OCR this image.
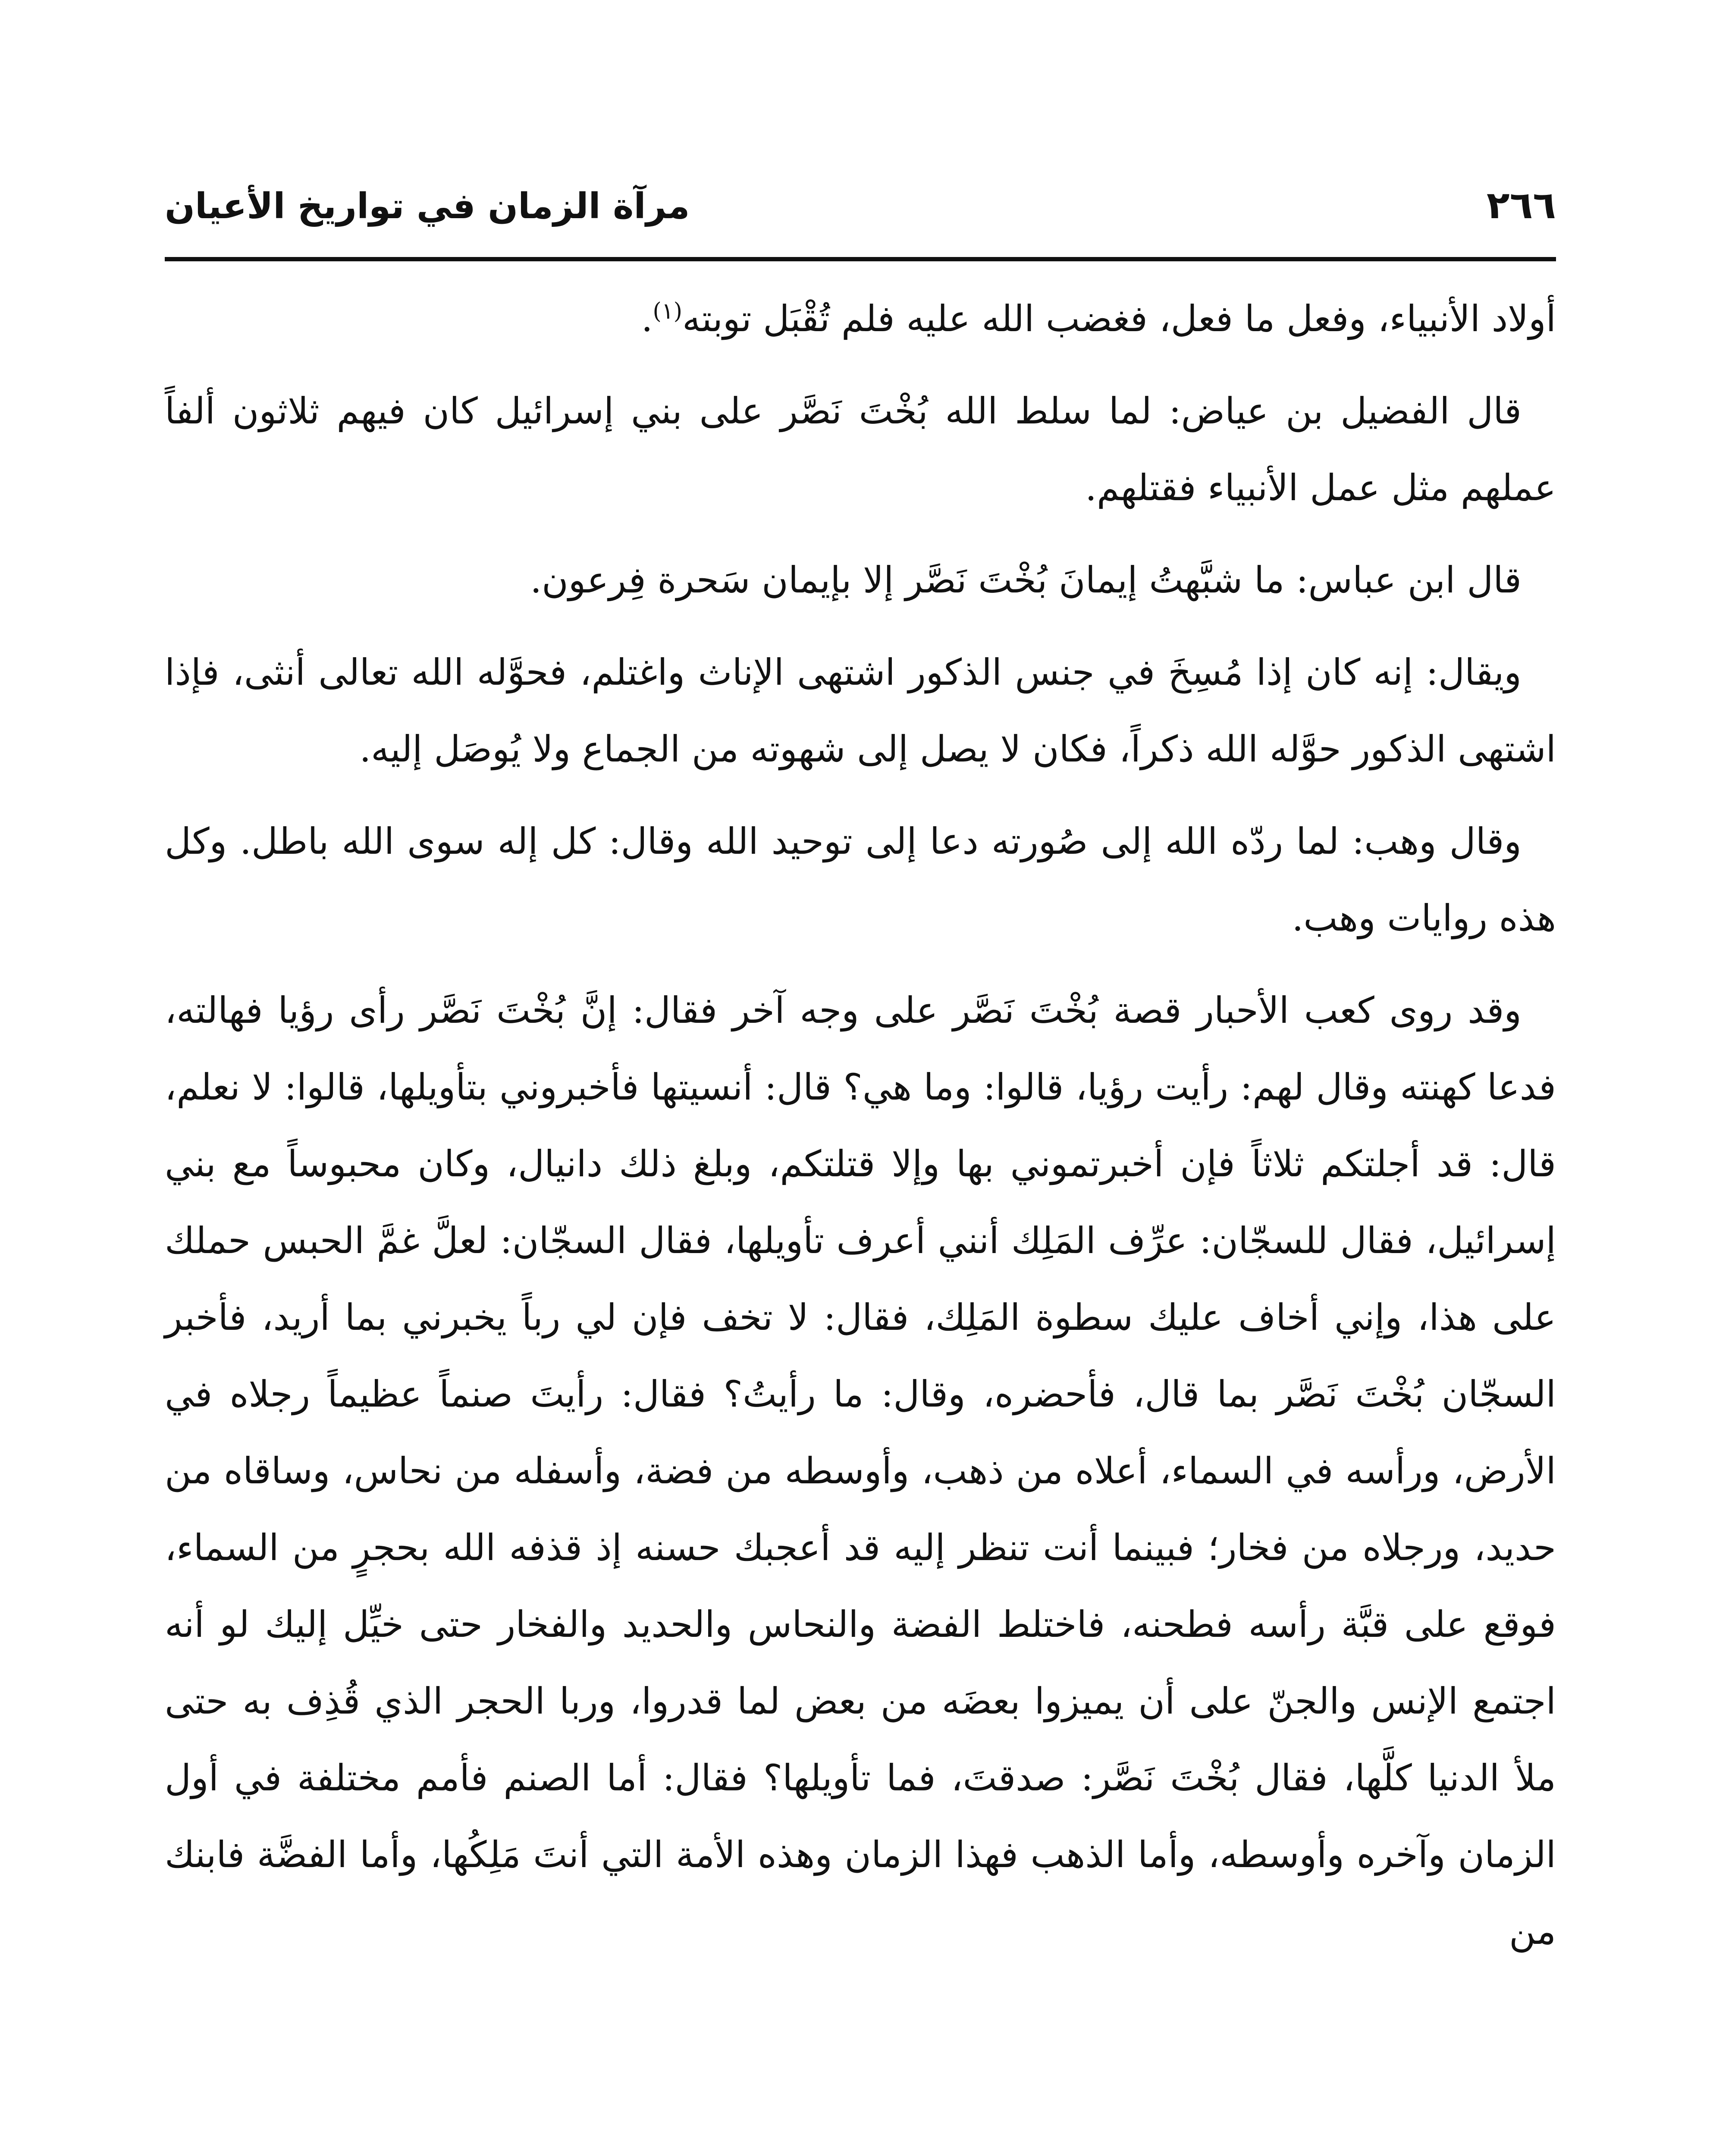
٢٦٦
مرآة الزمان في تواريخ الأعيان

أولاد الأنبياء، وفعل ما فعل، فغضب الله عليه فلم تُقْبَل توبته$^{(١)}$.

قال الفضيل بن عياض: لما سلط الله بُخْتَ نَصَّر على بني إسرائيل كان فيهم ثلاثون ألفاً عملهم مثل عمل الأنبياء فقتلهم.

قال ابن عباس: ما شبَّهتُ إيمانَ بُخْتَ نَصَّر إلا بإيمان سَحرة فِرعون.

ويقال: إنه كان إذا مُسِخَ في جنس الذكور اشتهى الإناث واغتلم، فحوَّله الله تعالى أنثى، فإذا اشتهى الذكور حوَّله الله ذكراً، فكان لا يصل إلى شهوته من الجماع ولا يُوصَل إليه.

وقال وهب: لما ردّه الله إلى صُورته دعا إلى توحيد الله وقال: كل إله سوى الله باطل. وكل هذه روايات وهب.

وقد روى كعب الأحبار قصة بُخْتَ نَصَّر على وجه آخر فقال: إنَّ بُخْتَ نَصَّر رأى رؤيا فهالته، فدعا كهنته وقال لهم: رأيت رؤيا، قالوا: وما هي؟ قال: أنسيتها فأخبروني بتأويلها، قالوا: لا نعلم، قال: قد أجلتكم ثلاثاً فإن أخبرتموني بها وإلا قتلتكم، وبلغ ذلك دانيال، وكان محبوساً مع بني إسرائيل، فقال للسجّان: عرِّف المَلِك أنني أعرف تأويلها، فقال السجّان: لعلَّ غمَّ الحبس حملك على هذا، وإني أخاف عليك سطوة المَلِك، فقال: لا تخف فإن لي رباً يخبرني بما أريد، فأخبر السجّان بُخْتَ نَصَّر بما قال، فأحضره، وقال: ما رأيتُ؟ فقال: رأيتَ صنماً عظيماً رجلاه في الأرض، ورأسه في السماء، أعلاه من ذهب، وأوسطه من فضة، وأسفله من نحاس، وساقاه من حديد، ورجلاه من فخار؛ فبينما أنت تنظر إليه قد أعجبك حسنه إذ قذفه الله بحجرٍ من السماء، فوقع على قبَّة رأسه فطحنه، فاختلط الفضة والنحاس والحديد والفخار حتى خيِّل إليك لو أنه اجتمع الإنس والجنّ على أن يميزوا بعضَه من بعض لما قدروا، وربا الحجر الذي قُذِف به حتى ملأ الدنيا كلَّها، فقال بُخْتَ نَصَّر: صدقتَ، فما تأويلها؟ فقال: أما الصنم فأمم مختلفة في أول الزمان وآخره وأوسطه، وأما الذهب فهذا الزمان وهذه الأمة التي أنتَ مَلِكُها، وأما الفضَّة فابنك من
